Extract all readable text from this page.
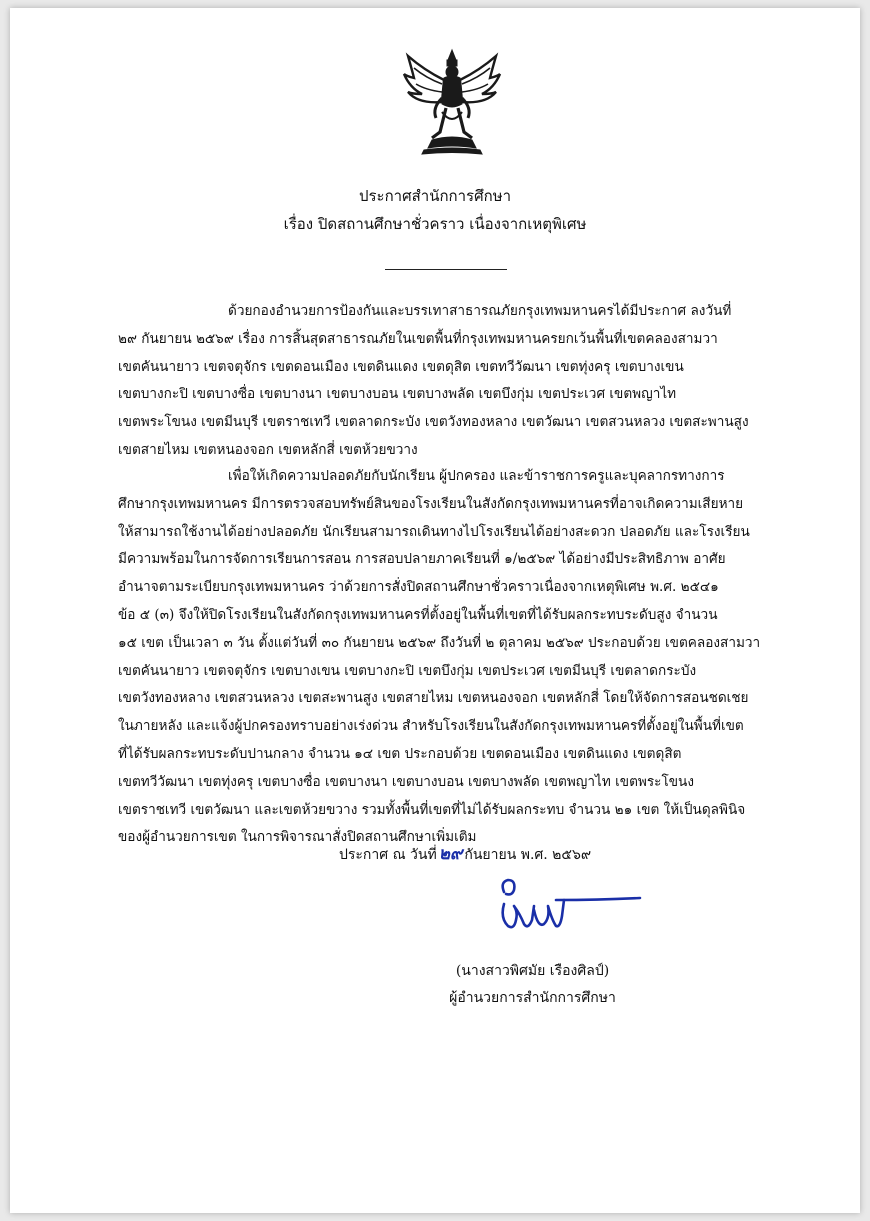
ประกาศสำนักการศึกษา
เรื่อง ปิดสถานศึกษาชั่วคราว เนื่องจากเหตุพิเศษ
ด้วยกองอำนวยการป้องกันและบรรเทาสาธารณภัยกรุงเทพมหานครได้มีประกาศ ลงวันที่
๒๙ กันยายน ๒๕๖๙ เรื่อง การสิ้นสุดสาธารณภัยในเขตพื้นที่กรุงเทพมหานครยกเว้นพื้นที่เขตคลองสามวา
เขตคันนายาว เขตจตุจักร เขตดอนเมือง เขตดินแดง เขตดุสิต เขตทวีวัฒนา เขตทุ่งครุ เขตบางเขน
เขตบางกะปิ เขตบางซื่อ เขตบางนา เขตบางบอน เขตบางพลัด เขตบึงกุ่ม เขตประเวศ เขตพญาไท
เขตพระโขนง เขตมีนบุรี เขตราชเทวี เขตลาดกระบัง เขตวังทองหลาง เขตวัฒนา เขตสวนหลวง เขตสะพานสูง
เขตสายไหม เขตหนองจอก เขตหลักสี่ เขตห้วยขวาง
เพื่อให้เกิดความปลอดภัยกับนักเรียน ผู้ปกครอง และข้าราชการครูและบุคลากรทางการ
ศึกษากรุงเทพมหานคร มีการตรวจสอบทรัพย์สินของโรงเรียนในสังกัดกรุงเทพมหานครที่อาจเกิดความเสียหาย
ให้สามารถใช้งานได้อย่างปลอดภัย นักเรียนสามารถเดินทางไปโรงเรียนได้อย่างสะดวก ปลอดภัย และโรงเรียน
มีความพร้อมในการจัดการเรียนการสอน การสอบปลายภาคเรียนที่ ๑/๒๕๖๙ ได้อย่างมีประสิทธิภาพ อาศัย
อำนาจตามระเบียบกรุงเทพมหานคร ว่าด้วยการสั่งปิดสถานศึกษาชั่วคราวเนื่องจากเหตุพิเศษ พ.ศ. ๒๕๔๑
ข้อ ๕ (๓) จึงให้ปิดโรงเรียนในสังกัดกรุงเทพมหานครที่ตั้งอยู่ในพื้นที่เขตที่ได้รับผลกระทบระดับสูง จำนวน
๑๕ เขต เป็นเวลา ๓ วัน ตั้งแต่วันที่ ๓๐ กันยายน ๒๕๖๙ ถึงวันที่ ๒ ตุลาคม ๒๕๖๙ ประกอบด้วย เขตคลองสามวา
เขตคันนายาว เขตจตุจักร เขตบางเขน เขตบางกะปิ เขตบึงกุ่ม เขตประเวศ เขตมีนบุรี เขตลาดกระบัง
เขตวังทองหลาง เขตสวนหลวง เขตสะพานสูง เขตสายไหม เขตหนองจอก เขตหลักสี่ โดยให้จัดการสอนชดเชย
ในภายหลัง และแจ้งผู้ปกครองทราบอย่างเร่งด่วน สำหรับโรงเรียนในสังกัดกรุงเทพมหานครที่ตั้งอยู่ในพื้นที่เขต
ที่ได้รับผลกระทบระดับปานกลาง จำนวน ๑๔ เขต ประกอบด้วย เขตดอนเมือง เขตดินแดง เขตดุสิต
เขตทวีวัฒนา เขตทุ่งครุ เขตบางซื่อ เขตบางนา เขตบางบอน เขตบางพลัด เขตพญาไท เขตพระโขนง
เขตราชเทวี เขตวัฒนา และเขตห้วยขวาง รวมทั้งพื้นที่เขตที่ไม่ได้รับผลกระทบ จำนวน ๒๑ เขต ให้เป็นดุลพินิจ
ของผู้อำนวยการเขต ในการพิจารณาสั่งปิดสถานศึกษาเพิ่มเติม
ประกาศ ณ วันที่ ๒๙ กันยายน พ.ศ. ๒๕๖๙
(นางสาวพิศมัย เรืองศิลป์)
ผู้อำนวยการสำนักการศึกษา
